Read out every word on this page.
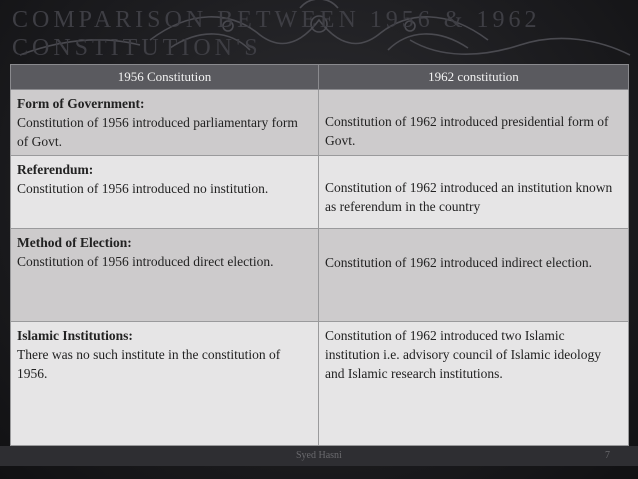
COMPARISON BETWEEN 1956 & 1962 CONSTITUTION'S
1956 Constitution	1962 constitution

Form of Government:
Constitution of 1956 introduced parliamentary form of Govt.	Constitution of 1962 introduced presidential form of Govt.

Referendum:
Constitution of 1956 introduced no institution.	Constitution of 1962 introduced an institution known as referendum in the country

Method of Election:
Constitution of 1956 introduced direct election.	Constitution of 1962 introduced indirect election.

Islamic Institutions:
There was no such institute in the constitution of 1956.	Constitution of 1962 introduced two Islamic institution i.e. advisory council of Islamic ideology and Islamic research institutions.
Syed Hasni	7
